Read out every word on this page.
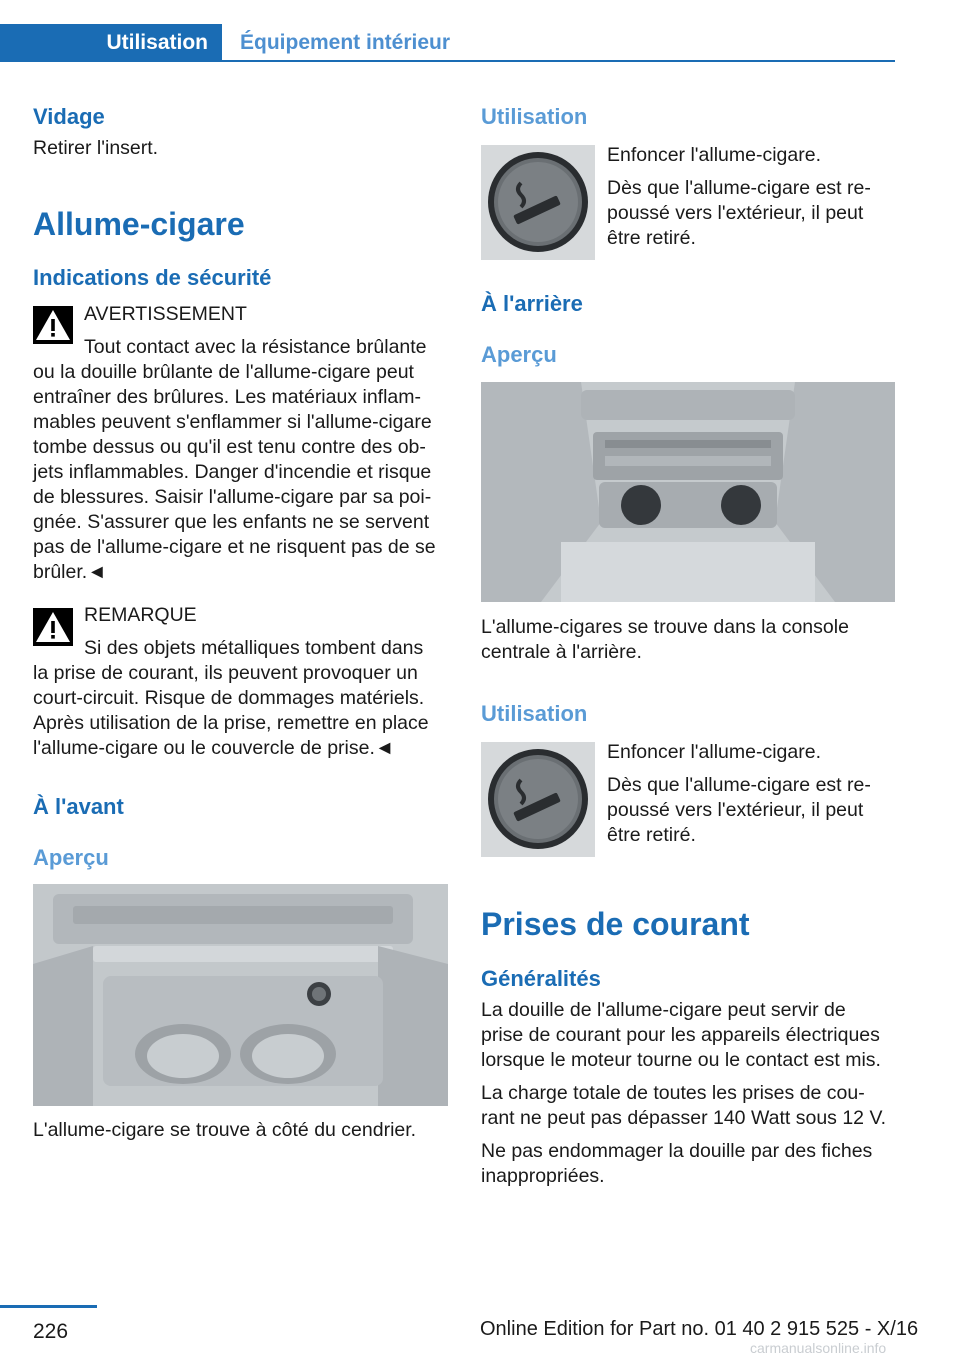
Utilisation Équipement intérieur
Vidage
Retirer l'insert.
Allume-cigare
Indications de sécurité
AVERTISSEMENT

Tout contact avec la résistance brûlante

ou la douille brûlante de l'allume-cigare peut

entraîner des brûlures. Les matériaux inflam-

mables peuvent s'enflammer si l'allume-cigare

tombe dessus ou qu'il est tenu contre des ob-

jets inflammables. Danger d'incendie et risque

de blessures. Saisir l'allume-cigare par sa poi-

gnée. S'assurer que les enfants ne se servent

pas de l'allume-cigare et ne risquent pas de se

brûler.◄

REMARQUE

Si des objets métalliques tombent dans

la prise de courant, ils peuvent provoquer un

court-circuit. Risque de dommages matériels.

Après utilisation de la prise, remettre en place

l'allume-cigare ou le couvercle de prise.◄

À l'avant
Aperçu
L'allume-cigare se trouve à côté du cendrier.
Utilisation

Enfoncer l'allume-cigare.

Dès que l'allume-cigare est re-

poussé vers l'extérieur, il peut

être retiré.

À l'arrière
Aperçu

L'allume-cigares se trouve dans la console

centrale à l'arrière.

Utilisation

Enfoncer l'allume-cigare.

Dès que l'allume-cigare est re-

poussé vers l'extérieur, il peut

être retiré.

Prises de courant
Généralités

La douille de l'allume-cigare peut servir de

prise de courant pour les appareils électriques

lorsque le moteur tourne ou le contact est mis.

La charge totale de toutes les prises de cou-

rant ne peut pas dépasser 140 Watt sous 12 V.

Ne pas endommager la douille par des fiches

inappropriées.

226	Online Edition for Part no. 01 40 2 915 525 - X/16
carmanualsonline.info
